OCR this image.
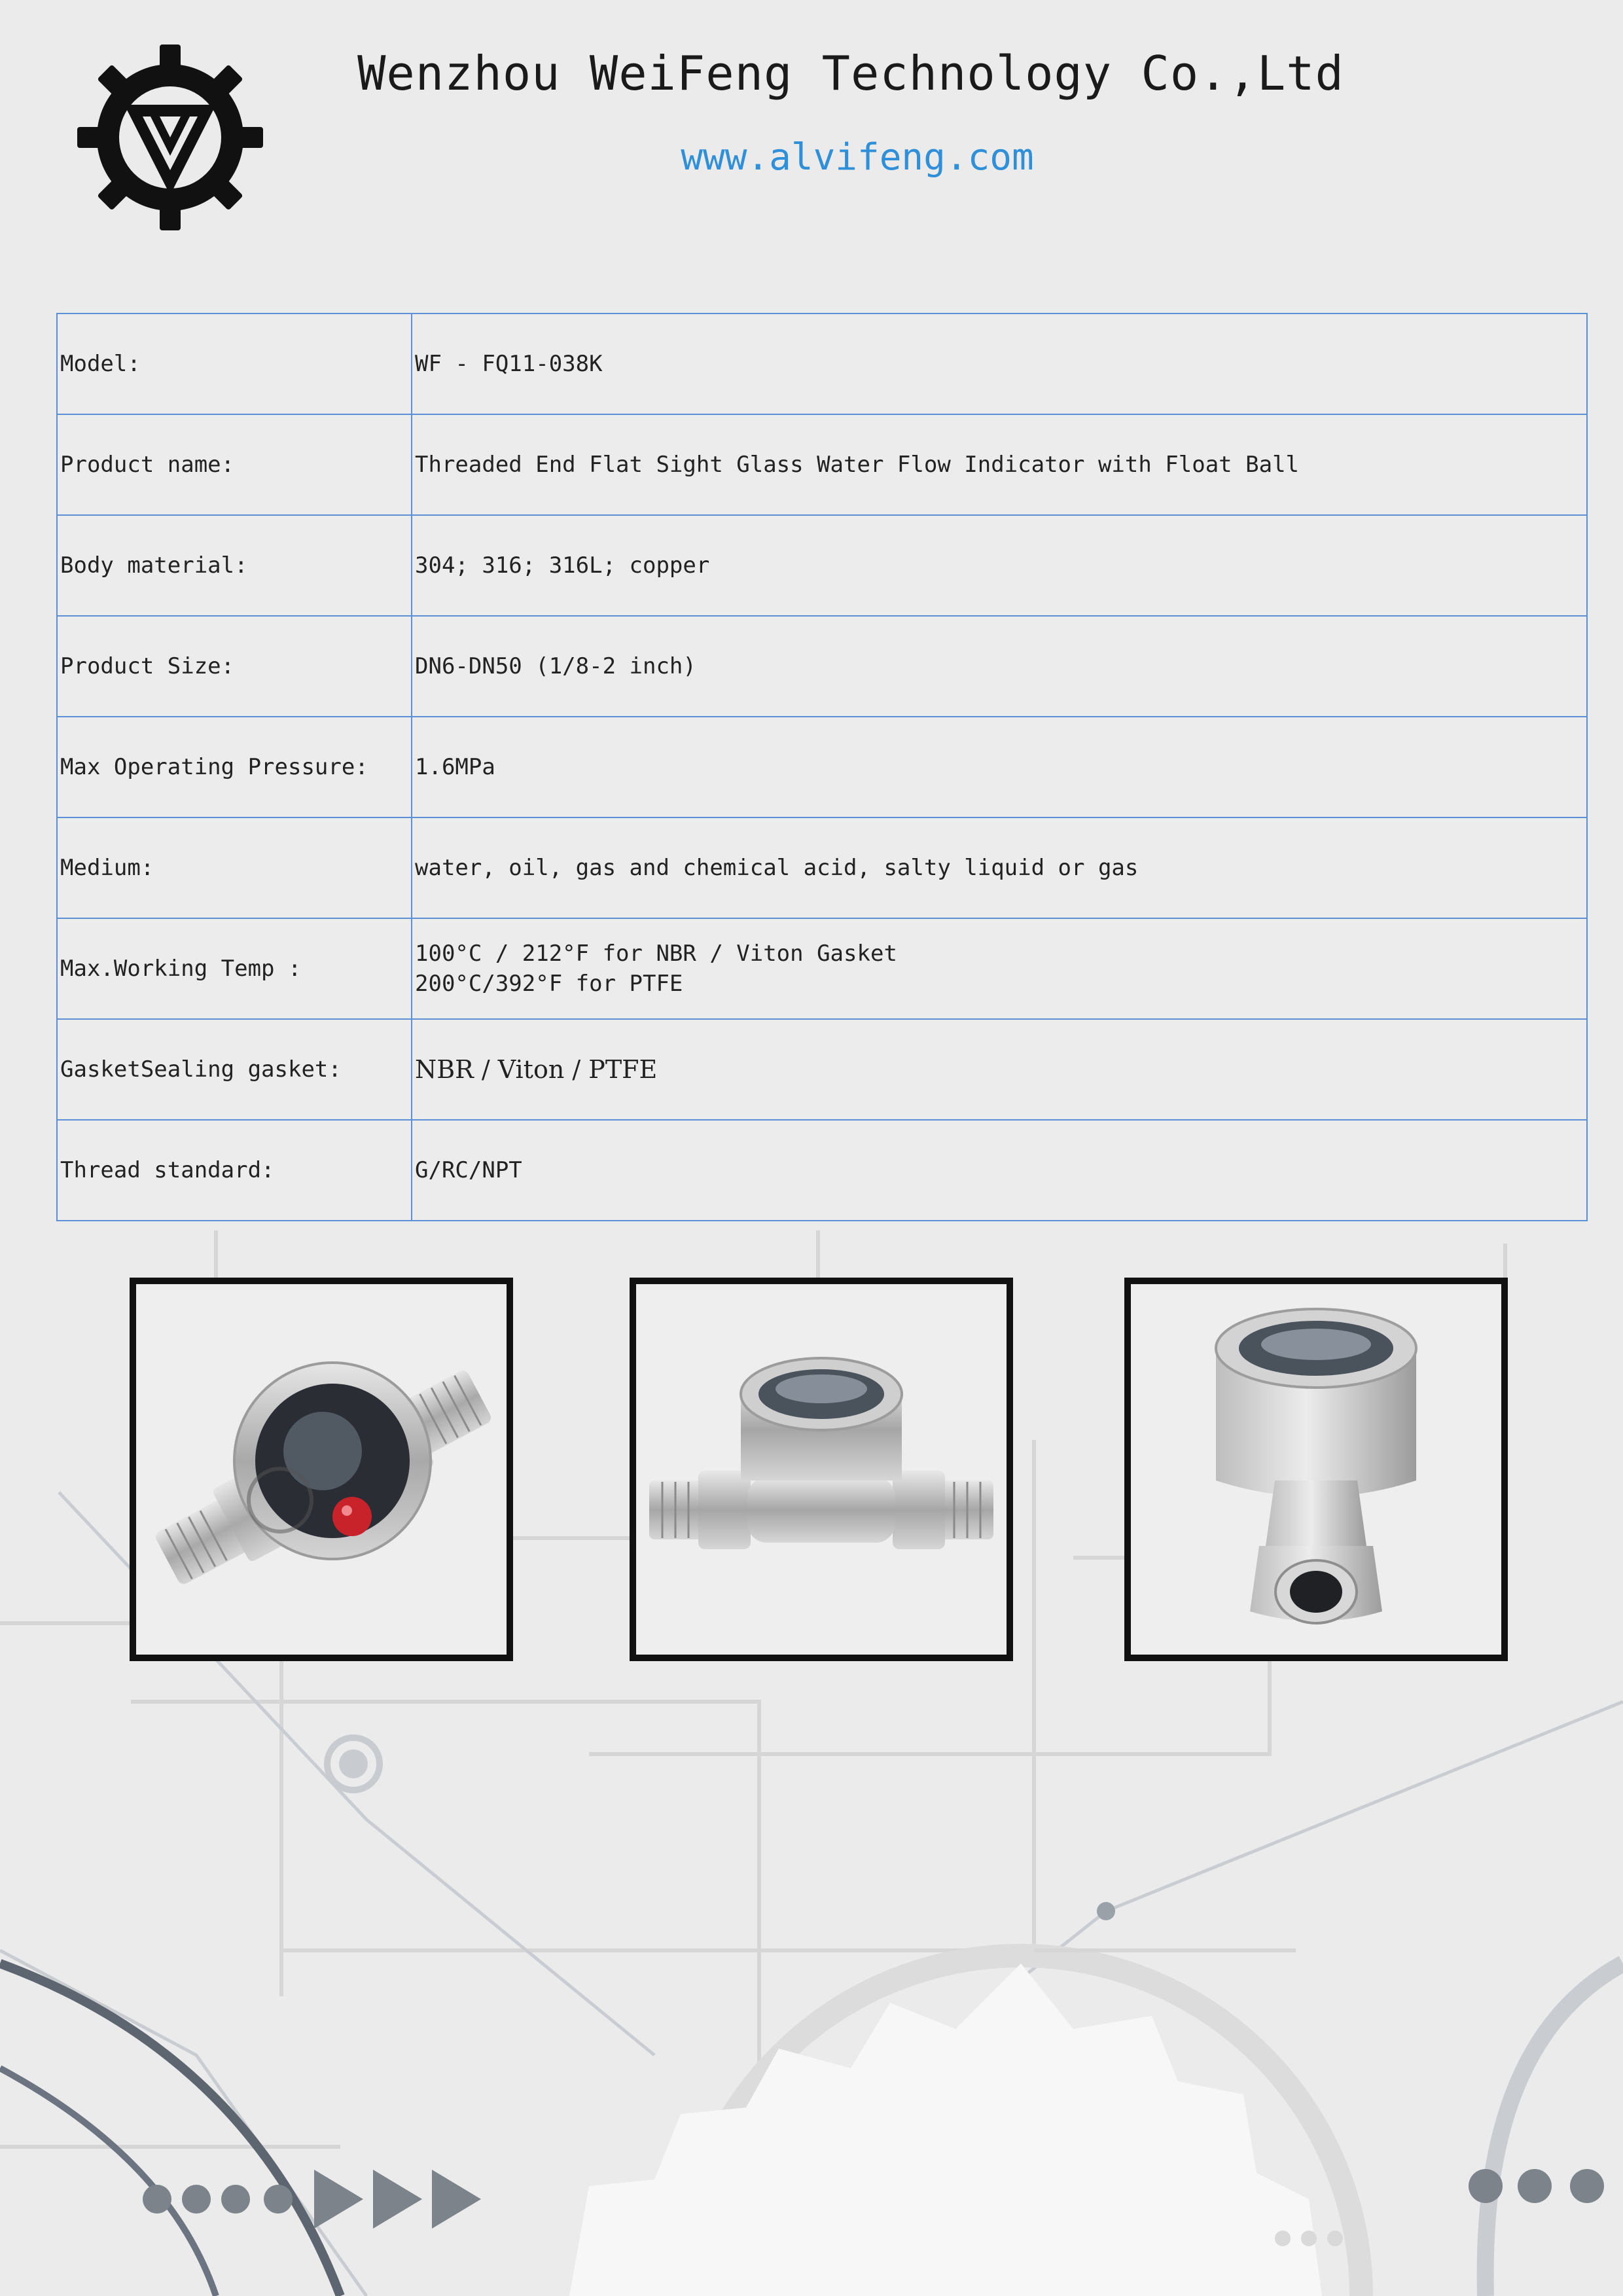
Wenzhou WeiFeng Technology Co.,Ltd
www.alvifeng.com
Model:	WF - FQ11-038K

Product name:	Threaded End Flat Sight Glass Water Flow Indicator with Float Ball

Body material:	304; 316; 316L; copper

Product Size:	DN6-DN50 (1/8-2 inch)

Max Operating Pressure:	1.6MPa

Medium:	water, oil, gas and chemical acid, salty liquid or gas

Max.Working Temp :	100°C / 212°F for NBR / Viton Gasket
200°C/392°F for PTFE

GasketSealing gasket:	NBR / Viton / PTFE

Thread standard:	G/RC/NPT
